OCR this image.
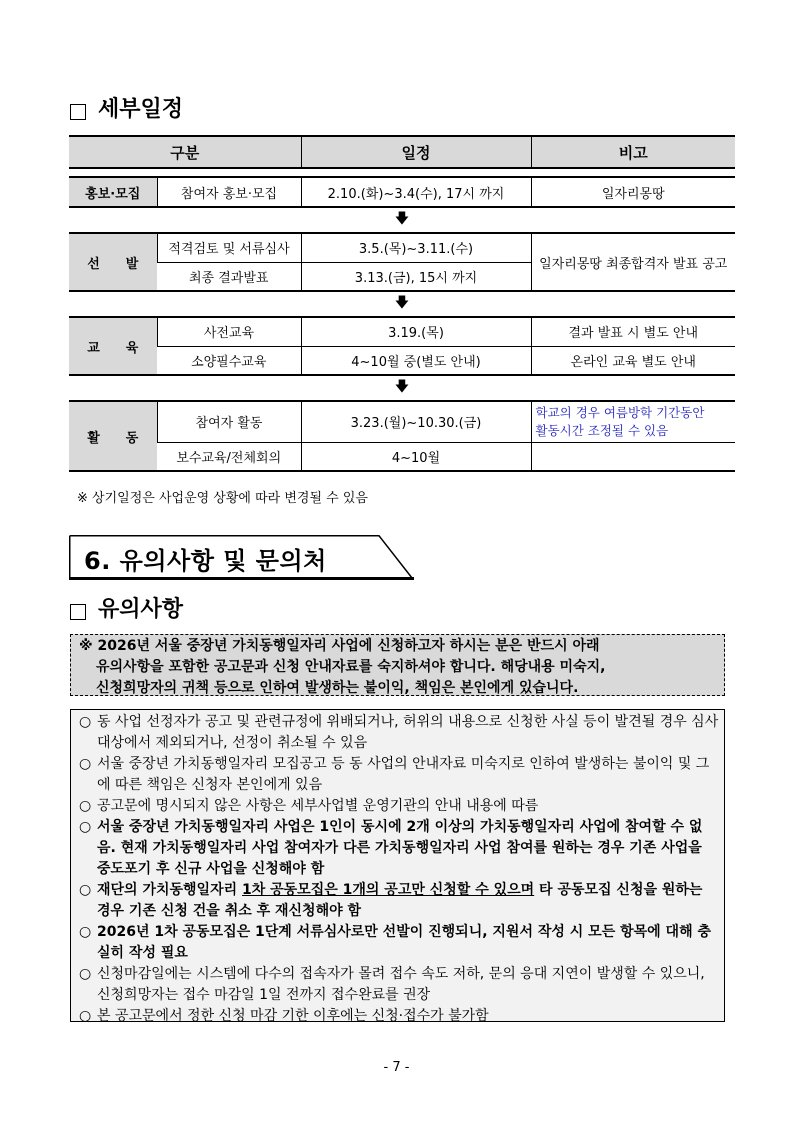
세부일정
구분		일정	비고

홍보·모집	참여자 홍보·모집	2.10.(화)~3.4(수), 17시 까지	일자리몽땅
🡇			
선　　발	적격검토 및 서류심사	3.5.(목)~3.11.(수)	일자리몽땅 최종합격자 발표 공고
	최종 결과발표	3.13.(금), 15시 까지	
🡇			
교　　육	사전교육	3.19.(목)	결과 발표 시 별도 안내
	소양필수교육	4~10월 중(별도 안내)	온라인 교육 별도 안내
🡇			
활　　동	참여자 활동	3.23.(월)~10.30.(금)	학교의 경우 여름방학 기간동안
활동시간 조정될 수 있음

	보수교육/전체회의	4~10월	
※ 상기일정은 사업운영 상황에 따라 변경될 수 있음
6. 유의사항 및 문의처
유의사항
※ 2026년 서울 중장년 가치동행일자리 사업에 신청하고자 하시는 분은 반드시 아래
유의사항을 포함한 공고문과 신청 안내자료를 숙지하셔야 합니다. 해당내용 미숙지,
신청희망자의 귀책 등으로 인하여 발생하는 불이익, 책임은 본인에게 있습니다.
○ 동 사업 선정자가 공고 및 관련규정에 위배되거나, 허위의 내용으로 신청한 사실 등이 발견될 경우 심사대상에서 제외되거나, 선정이 취소될 수 있음
○ 서울 중장년 가치동행일자리 모집공고 등 동 사업의 안내자료 미숙지로 인하여 발생하는 불이익 및 그에 따른 책임은 신청자 본인에게 있음
○ 공고문에 명시되지 않은 사항은 세부사업별 운영기관의 안내 내용에 따름
○ 서울 중장년 가치동행일자리 사업은 1인이 동시에 2개 이상의 가치동행일자리 사업에 참여할 수 없음. 현재 가치동행일자리 사업 참여자가 다른 가치동행일자리 사업 참여를 원하는 경우 기존 사업을 중도포기 후 신규 사업을 신청해야 함
○ 재단의 가치동행일자리 1차 공동모집은 1개의 공고만 신청할 수 있으며 타 공동모집 신청을 원하는 경우 기존 신청 건을 취소 후 재신청해야 함
○ 2026년 1차 공동모집은 1단계 서류심사로만 선발이 진행되니, 지원서 작성 시 모든 항목에 대해 충실히 작성 필요
○ 신청마감일에는 시스템에 다수의 접속자가 몰려 접수 속도 저하, 문의 응대 지연이 발생할 수 있으니, 신청희망자는 접수 마감일 1일 전까지 접수완료를 권장
○ 본 공고문에서 정한 신청 마감 기한 이후에는 신청·접수가 불가함
- 7 -
